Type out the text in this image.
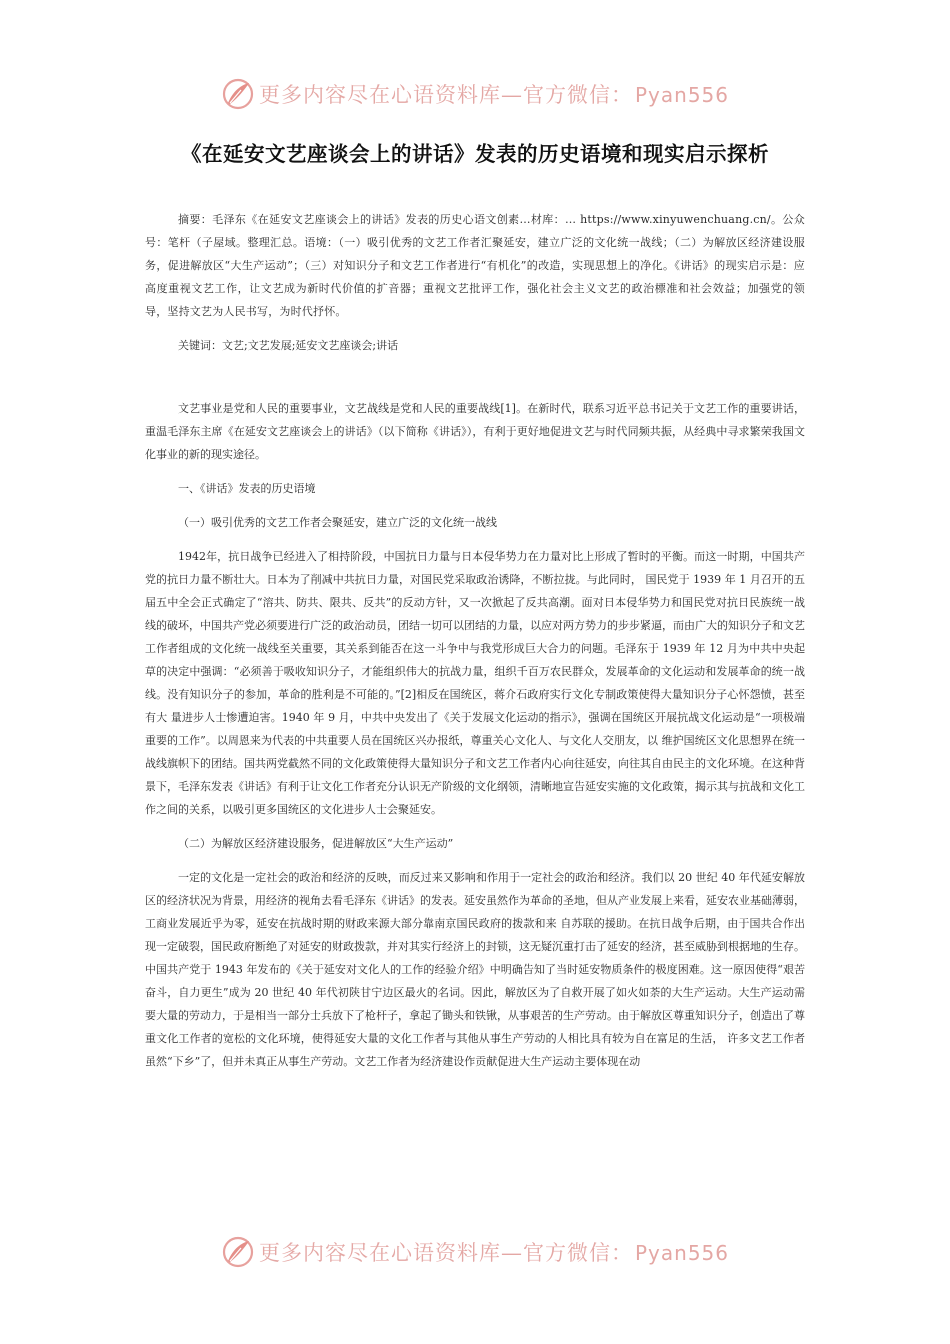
更多内容尽在心语资料库—官方微信： Pyan556
《在延安文艺座谈会上的讲话》发表的历史语境和现实启示探析

摘要：毛泽东《在延安文艺座谈会上的讲话》发表的历史心语文创素…材库：… https://www.xinyuwenchuang.cn/。公众号：笔杆（子屋域。整理汇总。语境：（一）吸引优秀的文艺工作者汇聚延安，建立广泛的文化统一战线；（二）为解放区经济建设服务，促进解放区“大生产运动”；（三）对知识分子和文艺工作者进行“有机化”的改造，实现思想上的净化。《讲话》的现实启示是：应高度重视文艺工作，让文艺成为新时代价值的扩音器；重视文艺批评工作，强化社会主义文艺的政治標准和社会效益；加强党的领导，坚持文艺为人民书写，为时代抒怀。

关键词：文艺;文艺发展;延安文艺座谈会;讲话

文艺事业是党和人民的重要事业，文艺战线是党和人民的重要战线[1]。在新时代，联系习近平总书记关于文艺工作的重要讲话，重温毛泽东主席《在延安文艺座谈会上的讲话》（以下简称《讲话》），有利于更好地促进文艺与时代同频共振，从经典中寻求繁荣我国文化事业的新的现实途径。

一、《讲话》发表的历史语境

（一）吸引优秀的文艺工作者会聚延安，建立广泛的文化统一战线

1942年，抗日战争已经进入了相持阶段，中国抗日力量与日本侵华势力在力量对比上形成了暂时的平衡。而这一时期，中国共产党的抗日力量不断壮大。日本为了削减中共抗日力量，对国民党采取政治诱降，不断拉拢。与此同时， 国民党于 1939 年 1 月召开的五届五中全会正式确定了“溶共、防共、限共、反共”的反动方针，又一次掀起了反共高潮。面对日本侵华势力和国民党对抗日民族统一战线的破坏，中国共产党必须要进行广泛的政治动员，团结一切可以团结的力量，以应对两方势力的步步紧逼，而由广大的知识分子和文艺工作者组成的文化统一战线至关重要，其关系到能否在这一斗争中与我党形成巨大合力的问题。毛泽东于 1939 年 12 月为中共中央起草的决定中强调：“必须善于吸收知识分子，才能组织伟大的抗战力量，组织千百万农民群众，发展革命的文化运动和发展革命的统一战线。没有知识分子的参加，革命的胜利是不可能的。”[2]相反在国统区，蒋介石政府实行文化专制政策使得大量知识分子心怀怨愤，甚至有大 量进步人士惨遭迫害。1940 年 9 月，中共中央发出了《关于发展文化运动的指示》，强调在国统区开展抗战文化运动是“一项极端重要的工作”。以周恩来为代表的中共重要人员在国统区兴办报纸，尊重关心文化人、与文化人交朋友，以 维护国统区文化思想界在统一战线旗帜下的团结。国共两党截然不同的文化政策使得大量知识分子和文艺工作者内心向往延安，向往其自由民主的文化环境。在这种背景下，毛泽东发表《讲话》有利于让文化工作者充分认识无产阶级的文化纲领，清晰地宣告延安实施的文化政策，揭示其与抗战和文化工作之间的关系，以吸引更多国统区的文化进步人士会聚延安。

（二）为解放区经济建设服务，促进解放区“大生产运动”

一定的文化是一定社会的政治和经济的反映，而反过来又影响和作用于一定社会的政治和经济。我们以 20 世纪 40 年代延安解放区的经济状况为背景，用经济的视角去看毛泽东《讲话》的发表。延安虽然作为革命的圣地，但从产业发展上来看，延安农业基础薄弱，工商业发展近乎为零，延安在抗战时期的财政来源大部分靠南京国民政府的拨款和来 自苏联的援助。在抗日战争后期，由于国共合作出现一定破裂，国民政府断绝了对延安的财政拨款，并对其实行经济上的封锁，这无疑沉重打击了延安的经济，甚至威胁到根据地的生存。中国共产党于 1943 年发布的《关于延安对文化人的工作的经验介绍》中明确告知了当时延安物质条件的极度困难。这一原因使得“艰苦奋斗，自力更生”成为 20 世纪 40 年代初陕甘宁边区最火的名词。因此，解放区为了自救开展了如火如荼的大生产运动。大生产运动需要大量的劳动力，于是相当一部分士兵放下了枪杆子，拿起了锄头和铁锹，从事艰苦的生产劳动。由于解放区尊重知识分子，创造出了尊重文化工作者的宽松的文化环境，使得延安大量的文化工作者与其他从事生产劳动的人相比具有较为自在富足的生活， 许多文艺工作者虽然“下乡”了，但并未真正从事生产劳动。文艺工作者为经济建设作贡献促进大生产运动主要体现在动

更多内容尽在心语资料库—官方微信： Pyan556
